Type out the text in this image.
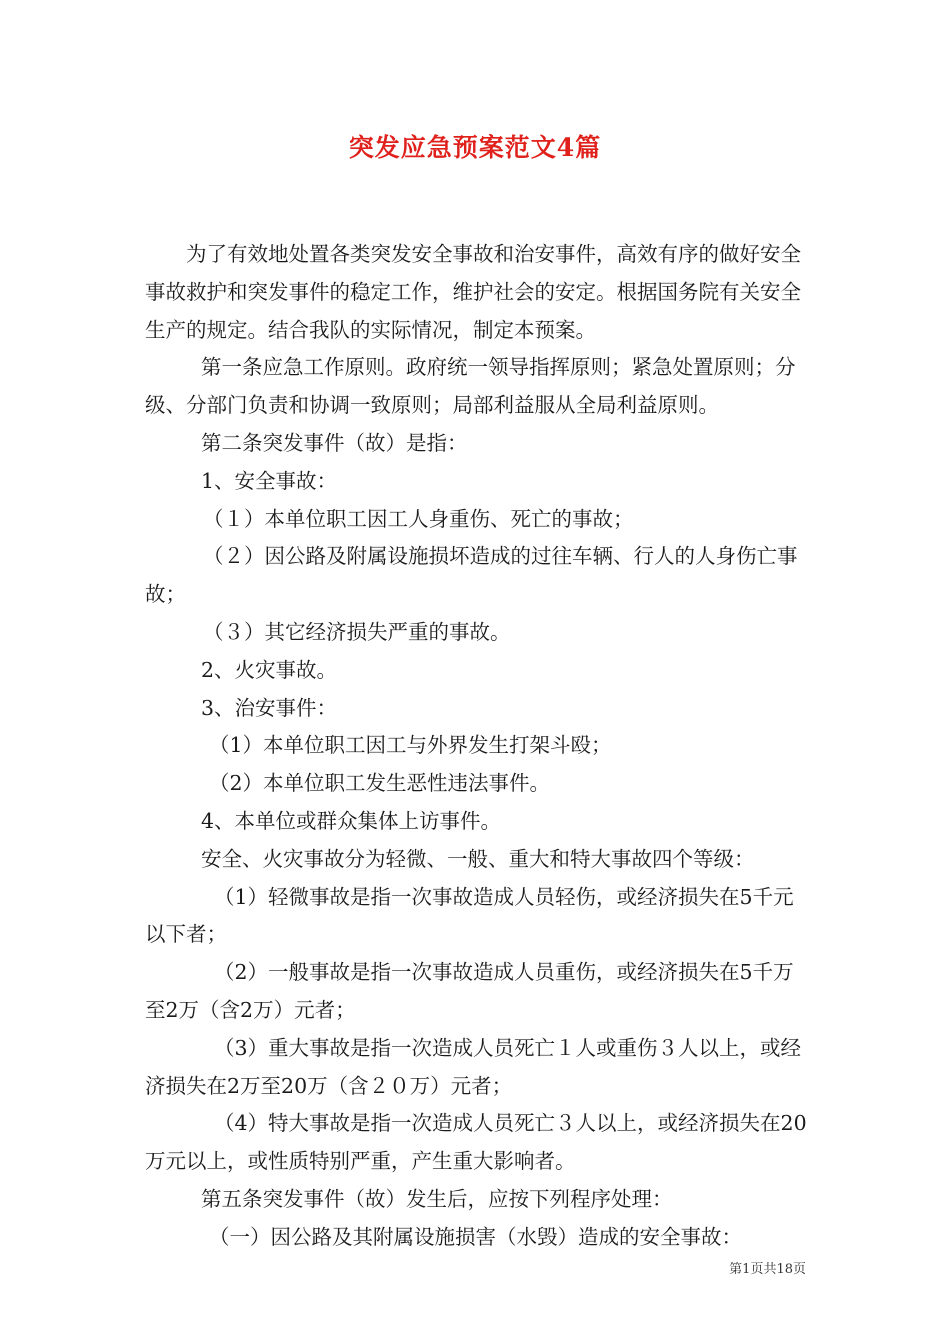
突发应急预案范文4篇

为了有效地处置各类突发安全事故和治安事件，高效有序的做好安全事故救护和突发事件的稳定工作，维护社会的安定。根据国务院有关安全生产的规定。结合我队的实际情况，制定本预案。

第一条应急工作原则。政府统一领导指挥原则；紧急处置原则；分级、分部门负责和协调一致原则；局部利益服从全局利益原则。

第二条突发事件（故）是指：

1、安全事故：

（１）本单位职工因工人身重伤、死亡的事故；

（２）因公路及附属设施损坏造成的过往车辆、行人的人身伤亡事故；

（３）其它经济损失严重的事故。

2、火灾事故。

3、治安事件：

（1）本单位职工因工与外界发生打架斗殴；

（2）本单位职工发生恶性违法事件。

4、本单位或群众集体上访事件。

安全、火灾事故分为轻微、一般、重大和特大事故四个等级：

（1）轻微事故是指一次事故造成人员轻伤，或经济损失在5千元以下者；

（2）一般事故是指一次事故造成人员重伤，或经济损失在5千万至2万（含2万）元者；

（3）重大事故是指一次造成人员死亡１人或重伤３人以上，或经济损失在2万至20万（含２０万）元者；

（4）特大事故是指一次造成人员死亡３人以上，或经济损失在20万元以上，或性质特别严重，产生重大影响者。

第五条突发事件（故）发生后，应按下列程序处理：

（一）因公路及其附属设施损害（水毁）造成的安全事故：

第1页共18页
